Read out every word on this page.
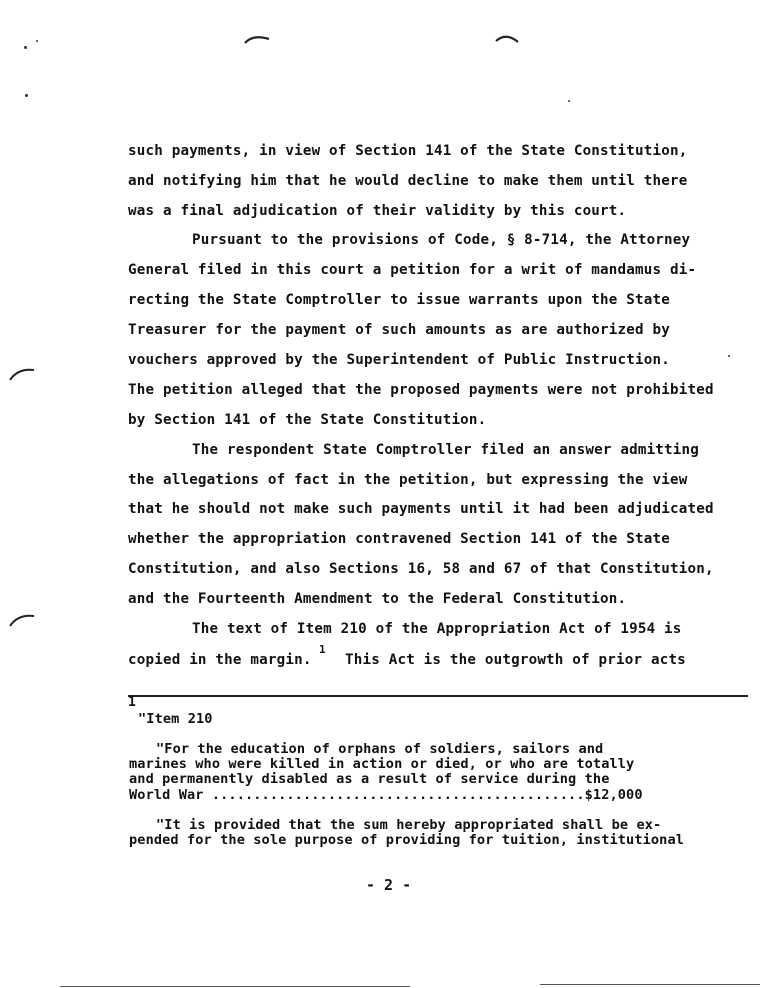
such payments, in view of Section 141 of the State Constitution,
and notifying him that he would decline to make them until there
was a final adjudication of their validity by this court.
Pursuant to the provisions of Code, § 8-714, the Attorney
General filed in this court a petition for a writ of mandamus di-
recting the State Comptroller to issue warrants upon the State
Treasurer for the payment of such amounts as are authorized by
vouchers approved by the Superintendent of Public Instruction.
The petition alleged that the proposed payments were not prohibited
by Section 141 of the State Constitution.
The respondent State Comptroller filed an answer admitting
the allegations of fact in the petition, but expressing the view
that he should not make such payments until it had been adjudicated
whether the appropriation contravened Section 141 of the State
Constitution, and also Sections 16, 58 and 67 of that Constitution,
and the Fourteenth Amendment to the Federal Constitution.
The text of Item 210 of the Appropriation Act of 1954 is
copied in the margin.
1
This Act is the outgrowth of prior acts
1
"Item 210
"For the education of orphans of soldiers, sailors and
marines who were killed in action or died, or who are totally
and permanently disabled as a result of service during the
World War .............................................$12,000
"It is provided that the sum hereby appropriated shall be ex-
pended for the sole purpose of providing for tuition, institutional
- 2 -
